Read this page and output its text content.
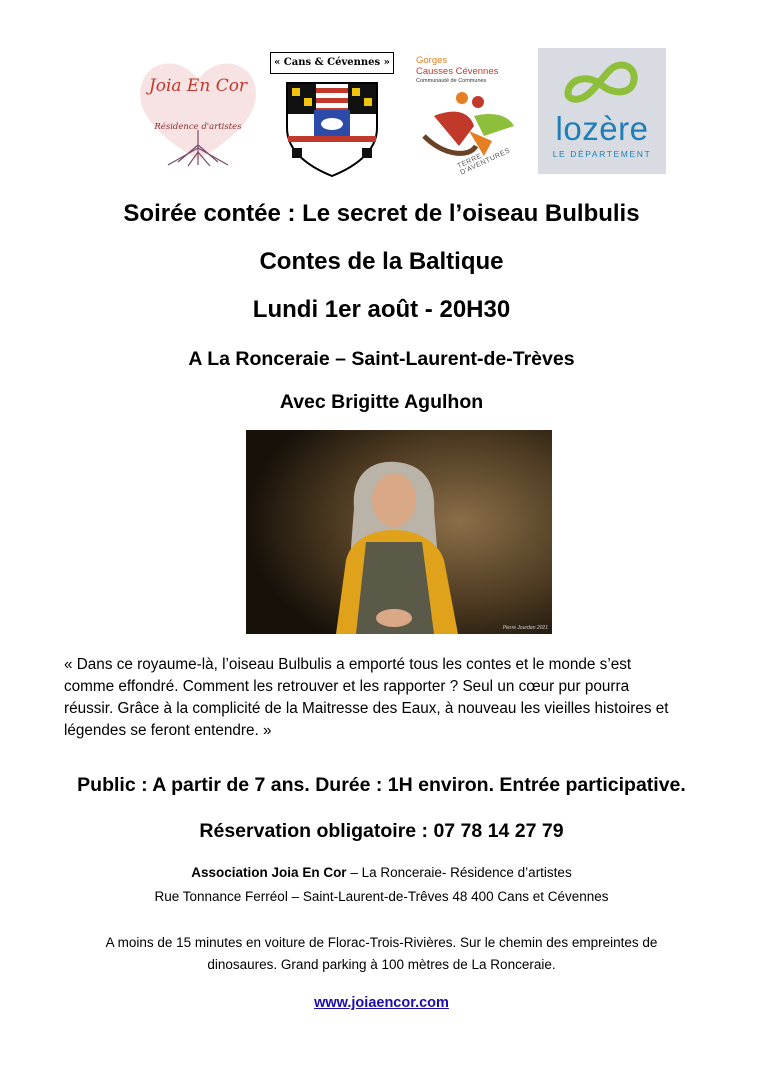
Joia En Cor
Résidence d'artistes
« Cans & Cévennes »	Gorges
Causses Cévennes
Communauté de Communes
TERRE D'AVENTURES
lozère
LE DÉPARTEMENT
Soirée contée : Le secret de l’oiseau Bulbulis
Contes de la Baltique
Lundi 1er août - 20H30
A La Ronceraie – Saint-Laurent-de-Trèves
Avec Brigitte Agulhon
Pierre Jourdan 2021
« Dans ce royaume-là, l’oiseau Bulbulis a emporté tous les contes et le monde s’est
comme effondré. Comment les retrouver et les rapporter ? Seul un cœur pur pourra
réussir. Grâce à la complicité de la Maitresse des Eaux, à nouveau les vieilles histoires et
légendes se feront entendre. »
Public : A partir de 7 ans. Durée : 1H environ. Entrée participative.
Réservation obligatoire : 07 78 14 27 79
Association Joia En Cor – La Ronceraie- Résidence d’artistes
Rue Tonnance Ferréol – Saint-Laurent-de-Trêves 48 400 Cans et Cévennes
A moins de 15 minutes en voiture de Florac-Trois-Rivières. Sur le chemin des empreintes de
dinosaures. Grand parking à 100 mètres de La Ronceraie.
www.joiaencor.com
